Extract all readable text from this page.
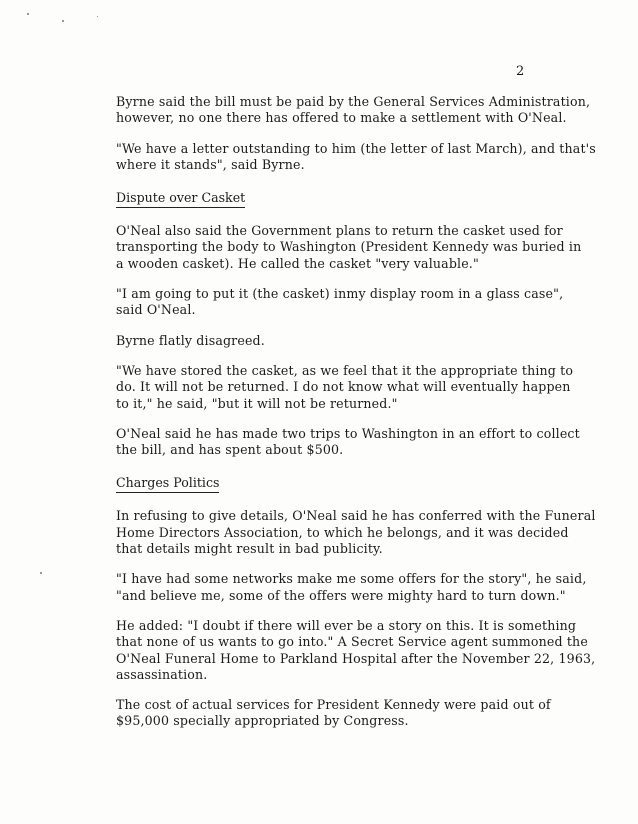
2

Byrne said the bill must be paid by the General Services Administration,
however, no one there has offered to make a settlement with O'Neal.

"We have a letter outstanding to him (the letter of last March), and that's
where it stands", said Byrne.

Dispute over Casket

O'Neal also said the Government plans to return the casket used for
transporting the body to Washington (President Kennedy was buried in
a wooden casket). He called the casket "very valuable."

"I am going to put it (the casket) inmy display room in a glass case",
said O'Neal.

Byrne flatly disagreed.

"We have stored the casket, as we feel that it the appropriate thing to
do. It will not be returned. I do not know what will eventually happen
to it," he said, "but it will not be returned."

O'Neal said he has made two trips to Washington in an effort to collect
the bill, and has spent about $500.

Charges Politics

In refusing to give details, O'Neal said he has conferred with the Funeral
Home Directors Association, to which he belongs, and it was decided
that details might result in bad publicity.

"I have had some networks make me some offers for the story", he said,
"and believe me, some of the offers were mighty hard to turn down."

He added: "I doubt if there will ever be a story on this. It is something
that none of us wants to go into." A Secret Service agent summoned the
O'Neal Funeral Home to Parkland Hospital after the November 22, 1963,
assassination.

The cost of actual services for President Kennedy were paid out of
$95,000 specially appropriated by Congress.
